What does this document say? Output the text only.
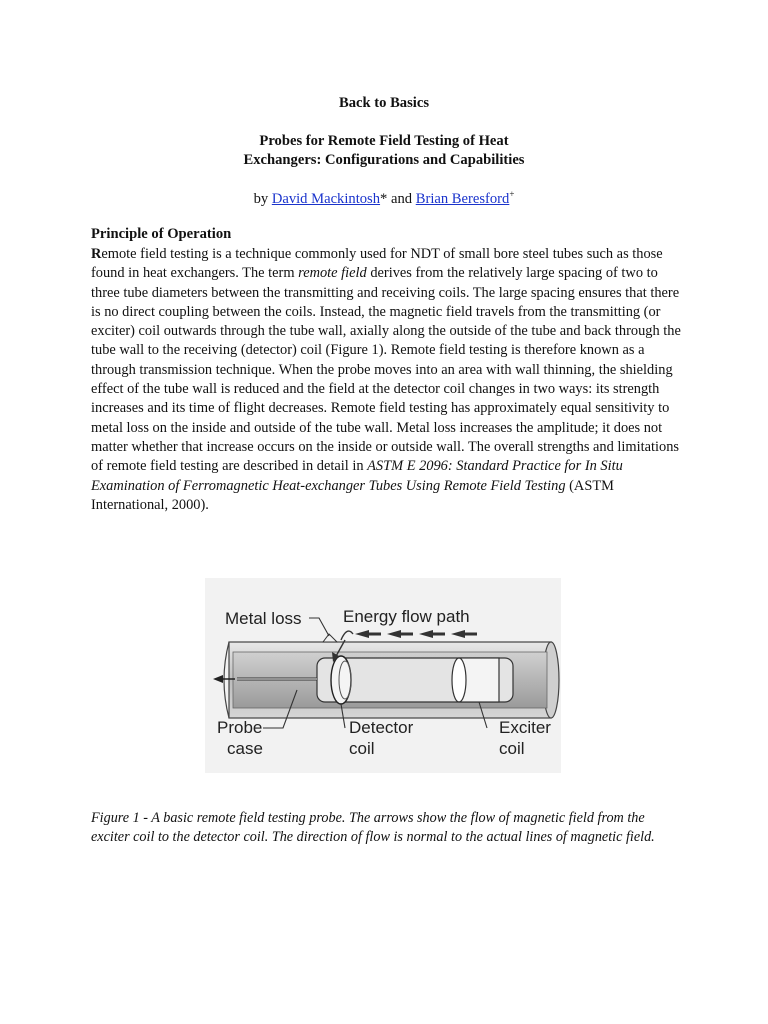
Back to Basics
Probes for Remote Field Testing of Heat
Exchangers: Configurations and Capabilities
by David Mackintosh* and Brian Beresford+
Principle of Operation

Remote field testing is a technique commonly used for NDT of small bore steel tubes such as those found in heat exchangers. The term remote field derives from the relatively large spacing of two to three tube diameters between the transmitting and receiving coils. The large spacing ensures that there is no direct coupling between the coils. Instead, the magnetic field travels from the transmitting (or exciter) coil outwards through the tube wall, axially along the outside of the tube and back through the tube wall to the receiving (detector) coil (Figure 1). Remote field testing is therefore known as a through transmission technique. When the probe moves into an area with wall thinning, the shielding effect of the tube wall is reduced and the field at the detector coil changes in two ways: its strength increases and its time of flight decreases. Remote field testing has approximately equal sensitivity to metal loss on the inside and outside of the tube wall. Metal loss increases the amplitude; it does not matter whether that increase occurs on the inside or outside wall. The overall strengths and limitations of remote field testing are described in detail in ASTM E 2096: Standard Practice for In Situ Examination of Ferromagnetic Heat-exchanger Tubes Using Remote Field Testing (ASTM International, 2000).

Metal loss Energy flow path
Probe
case
Detector
coil
Exciter
coil

Figure 1 - A basic remote field testing probe. The arrows show the flow of magnetic field from the exciter coil to the detector coil. The direction of flow is normal to the actual lines of magnetic field.
